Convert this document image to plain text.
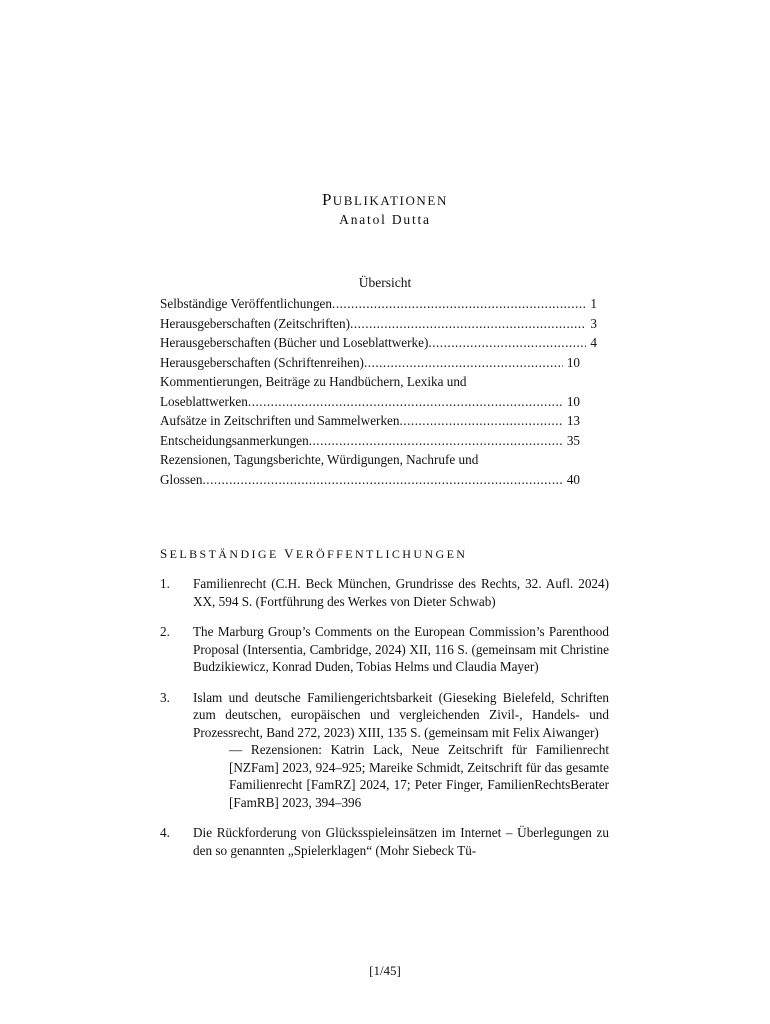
PUBLIKATIONEN
Anatol Dutta
Übersicht
Selbständige Veröffentlichungen .....	1
Herausgeberschaften (Zeitschriften) .....	3
Herausgeberschaften (Bücher und Loseblattwerke) .....	4
Herausgeberschaften (Schriftenreihen) .....	10
Kommentierungen, Beiträge zu Handbüchern, Lexika und
Loseblattwerken .....	10
Aufsätze in Zeitschriften und Sammelwerken .....	13
Entscheidungsanmerkungen .....	35
Rezensionen, Tagungsberichte, Würdigungen, Nachrufe und
Glossen .....	40
SELBSTÄNDIGE VERÖFFENTLICHUNGEN
1.	Familienrecht (C.H. Beck München, Grundrisse des Rechts, 32. Aufl. 2024) XX, 594 S. (Fortführung des Werkes von Dieter Schwab)
2.	The Marburg Group’s Comments on the European Commission’s Parenthood Proposal (Intersentia, Cambridge, 2024) XII, 116 S. (gemeinsam mit Christine Budzikiewicz, Konrad Duden, Tobias Helms und Claudia Mayer)
3.	Islam und deutsche Familiengerichtsbarkeit (Gieseking Bielefeld, Schriften zum deutschen, europäischen und vergleichenden Zivil-, Handels- und Prozessrecht, Band 272, 2023) XIII, 135 S. (gemeinsam mit Felix Aiwanger)
— Rezensionen: Katrin Lack, Neue Zeitschrift für Familienrecht [NZFam] 2023, 924–925; Mareike Schmidt, Zeitschrift für das gesamte Familienrecht [FamRZ] 2024, 17; Peter Finger, FamilienRechtsBerater [FamRB] 2023, 394–396
4.	Die Rückforderung von Glücksspieleinsätzen im Internet – Überlegungen zu den so genannten „Spielerklagen“ (Mohr Siebeck Tü-
[1/45]
